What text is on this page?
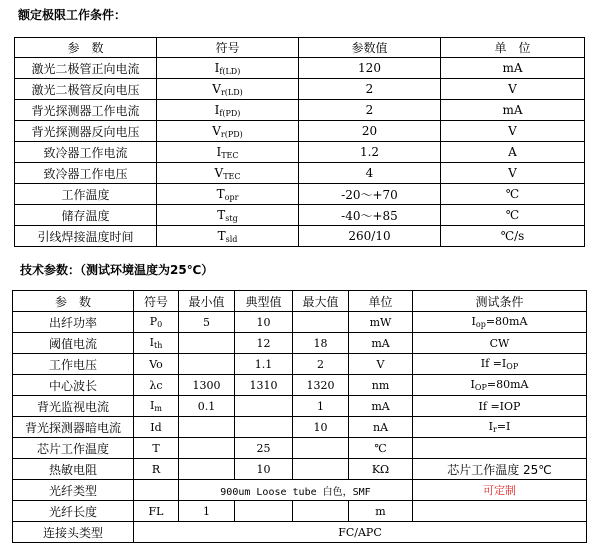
额定极限工作条件：
参　数	符号	参数值	单　位
激光二极管正向电流	$I_{f(LD)}$	120	mA
激光二极管反向电压	$V_{r(LD)}$	2	V
背光探测器工作电流	$I_{f(PD)}$	2	mA
背光探测器反向电压	$V_{r(PD)}$	20	V
致冷器工作电流	$I_{TEC}$	1.2	A
致冷器工作电压	$V_{TEC}$	4	V
工作温度	$T_{opr}$	-20～+70	℃
储存温度	$T_{stg}$	-40～+85	℃
引线焊接温度时间	$T_{sld}$	260/10	℃/s
技术参数：（测试环境温度为25℃）
参　数	符号	最小值	典型值	最大值	单位	测试条件
出纤功率	$P_0$	5	10		mW	$I_{op}=80mA$
阈值电流	$I_{th}$		12	18	mA	CW
工作电压	Vo		1.1	2	V	$If =I_{OP}$
中心波长	λc	1300	1310	1320	nm	$I_{OP}=80mA$
背光监视电流	$I_m$	0.1		1	mA	If =IOP
背光探测器暗电流	Id			10	nA	$I_r=I$
芯片工作温度	T		25		℃	
热敏电阻	R		10		KΩ	芯片工作温度 25℃
光纤类型		900um Loose tube 白色，SMF				可定制
光纤长度	FL	1			m	
连接头类型	FC/APC					
